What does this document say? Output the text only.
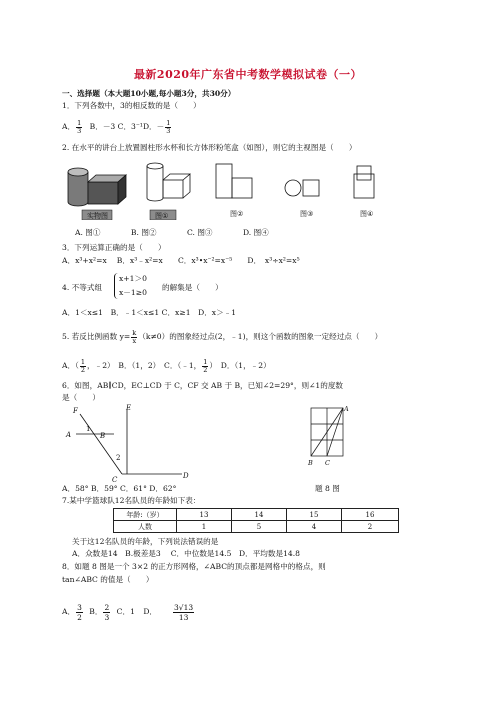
最新2020年广东省中考数学模拟试卷（一）
一、选择题（本大题10小题,每小题3分，共30分）
1．下列各数中，3的相反数的是（　　）
A． $\frac{1}{3}$ B．－3 C．3⁻¹D．－ $\frac{1}{3}$
2. 在水平的讲台上放置圆柱形水杯和长方体形粉笔盒（如图），则它的主视图是（　　）
实物图	图①	图②	图③	图④
A. 图①	B. 图②	C. 图③	D. 图④
3．下列运算正确的是（　　）
A．x³+x²=x　 B．x³﹣x²=x　　C．x³•x⁻²=x⁻⁵　　D．　x³÷x²=x⁵
4. 不等式组
x+1＞0
x－1≥0
的解集是（　　）
A．1＜x≤1　B．﹣1＜x≤1 C．x≥1　D．x＞﹣1
5. 若反比例函数 $y= \frac{k}{x} (k\ne 0)$的图象经过点(2，﹣1)，则这个函数的图象一定经过点（　　）
A．（ $\frac{1}{2}$ ，﹣2）　B．（1，2）　C．（﹣1， $\frac{1}{2}$ ）　D．（1，﹣2）
6．如图，AB∥CD，EC⊥CD 于 C，CF 交 AB 于 B，已知∠2=29°，则∠1的度数
是（　　）
F	E
A
1
B
2
C	D
A
B C
A．58° B．59° C．61° D．62°	题 8 图
7.某中学篮球队12名队员的年龄如下表：
年龄:（岁）	13	14	15	16
人数	1	5	4	2
关于这12名队员的年龄，下列说法错误的是
A．众数是14　B.极差是3　 C．中位数是14.5　D．平均数是14.8
8．如题 8 图是一个 3×2 的正方形网格，∠ABC的顶点都是网格中的格点，则
tan∠ABC 的值是（　　）
A． $\frac{3}{2}$ B． $\frac{2}{3}$ C．1 D． $\frac{3√13}{13}$
